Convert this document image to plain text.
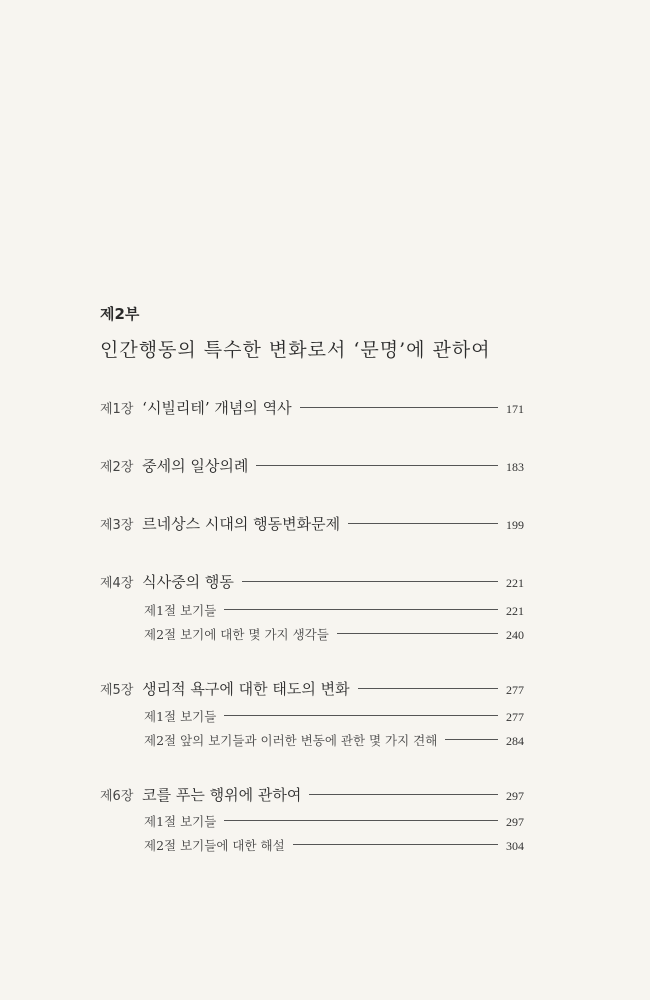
제2부
인간행동의 특수한 변화로서 ‘문명’에 관하여
제1장 ‘시빌리테’ 개념의 역사	171
제2장 중세의 일상의례	183
제3장 르네상스 시대의 행동변화문제	199
제4장 식사중의 행동	221
제1절 보기들	221
제2절 보기에 대한 몇 가지 생각들	240
제5장 생리적 욕구에 대한 태도의 변화	277
제1절 보기들	277
제2절 앞의 보기들과 이러한 변동에 관한 몇 가지 견해	284
제6장 코를 푸는 행위에 관하여	297
제1절 보기들	297
제2절 보기들에 대한 해설	304
